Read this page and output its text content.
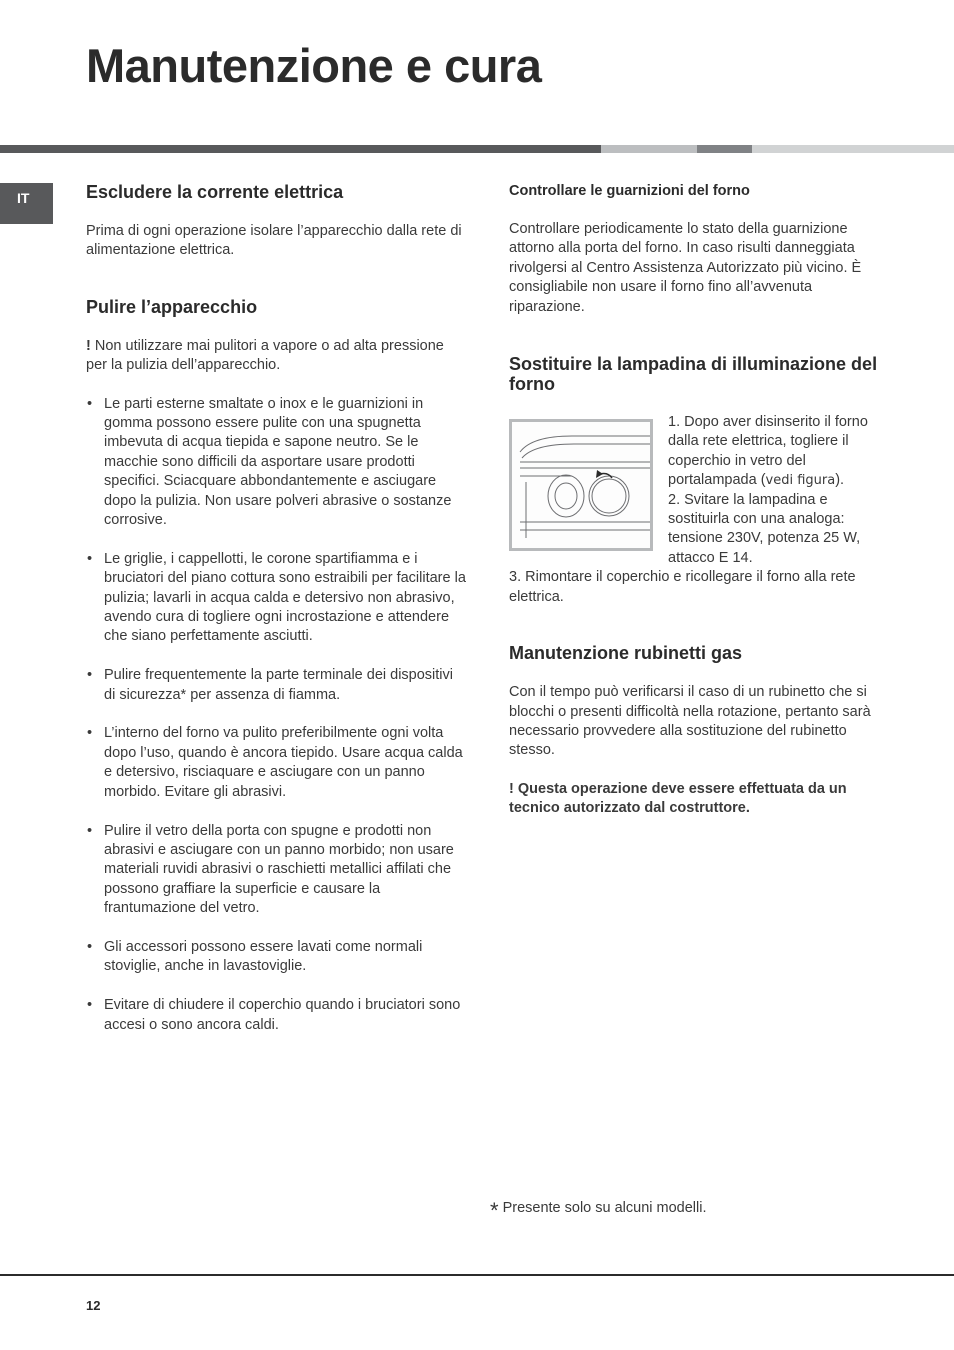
Manutenzione e cura
IT	Escludere la corrente elettrica

Prima di ogni operazione isolare l’apparecchio dalla rete di alimentazione elettrica.

Pulire l’apparecchio

! Non utilizzare mai pulitori a vapore o ad alta pressione per la pulizia dell’apparecchio.

• Le parti esterne smaltate o inox e le guarnizioni in gomma possono essere pulite con una spugnetta imbevuta di acqua tiepida e sapone neutro. Se le macchie sono difficili da asportare usare prodotti specifici. Sciacquare abbondantemente e asciugare dopo la pulizia. Non usare polveri abrasive o sostanze corrosive.
• Le griglie, i cappellotti, le corone spartifiamma e i bruciatori del piano cottura sono estraibili per facilitare la pulizia; lavarli in acqua calda e detersivo non abrasivo, avendo cura di togliere ogni incrostazione e attendere che siano perfettamente asciutti.
• Pulire frequentemente la parte terminale dei dispositivi di sicurezza* per assenza di fiamma.
• L’interno del forno va pulito preferibilmente ogni volta dopo l’uso, quando è ancora tiepido. Usare acqua calda e detersivo, risciaquare e asciugare con un panno morbido. Evitare gli abrasivi.
• Pulire il vetro della porta con spugne e prodotti non abrasivi e asciugare con un panno morbido; non usare materiali ruvidi abrasivi o raschietti metallici affilati che possono graffiare la superficie e causare la frantumazione del vetro.
• Gli accessori possono essere lavati come normali stoviglie, anche in lavastoviglie.
• Evitare di chiudere il coperchio quando i bruciatori sono accesi o sono ancora caldi.
Controllare le guarnizioni del forno

Controllare periodicamente lo stato della guarnizione attorno alla porta del forno. In caso risulti danneggiata rivolgersi al Centro Assistenza Autorizzato più vicino. È consigliabile non usare il forno fino all’avvenuta riparazione.

Sostituire la lampadina di illuminazione del forno

1. Dopo aver disinserito il forno dalla rete elettrica, togliere il coperchio in vetro del portalampada (vedi figura).

2. Svitare la lampadina e sostituirla con una analoga: tensione 230V, potenza 25 W, attacco E 14.

3. Rimontare il coperchio e ricollegare il forno alla rete elettrica.

Manutenzione rubinetti gas

Con il tempo può verificarsi il caso di un rubinetto che si blocchi o presenti difficoltà nella rotazione, pertanto sarà necessario provvedere alla sostituzione del rubinetto stesso.

! Questa operazione deve essere effettuata da un tecnico autorizzato dal costruttore.

* Presente solo su alcuni modelli.
12
